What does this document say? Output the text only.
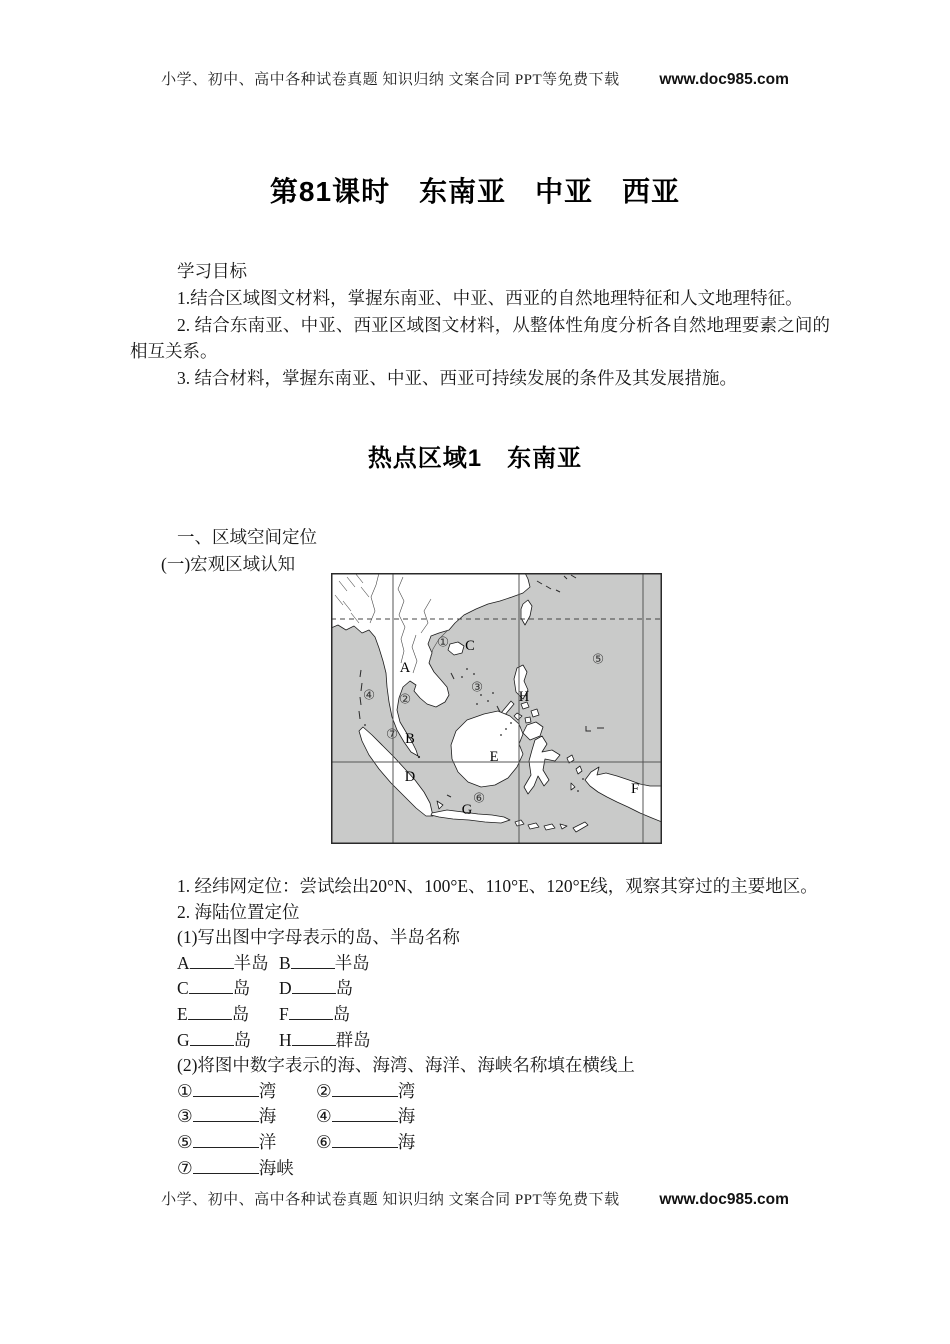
小学、初中、高中各种试卷真题 知识归纳 文案合同 PPT等免费下载	www.doc985.com
第81课时　东南亚　中亚　西亚
学习目标

1.结合区域图文材料，掌握东南亚、中亚、西亚的自然地理特征和人文地理特征。

2. 结合东南亚、中亚、西亚区域图文材料，从整体性角度分析各自然地理要素之间的相互关系。

3. 结合材料，掌握东南亚、中亚、西亚可持续发展的条件及其发展措施。

热点区域1　东南亚
一、区域空间定位
(一)宏观区域认知
A
B
C
D
E
F
G
H
①
②
③
④
⑤
⑥
⑦
1. 经纬网定位：尝试绘出20°N、100°E、110°E、120°E线，观察其穿过的主要地区。
2. 海陆位置定位
(1)写出图中字母表示的岛、半岛名称
A	半岛 B	半岛
C	岛 D	岛
E	岛 F	岛
G	岛 H	群岛
(2)将图中数字表示的海、海湾、海洋、海峡名称填在横线上
①	湾 ②	湾
③	海 ④	海
⑤	洋 ⑥	海
⑦	海峡
小学、初中、高中各种试卷真题 知识归纳 文案合同 PPT等免费下载	www.doc985.com
